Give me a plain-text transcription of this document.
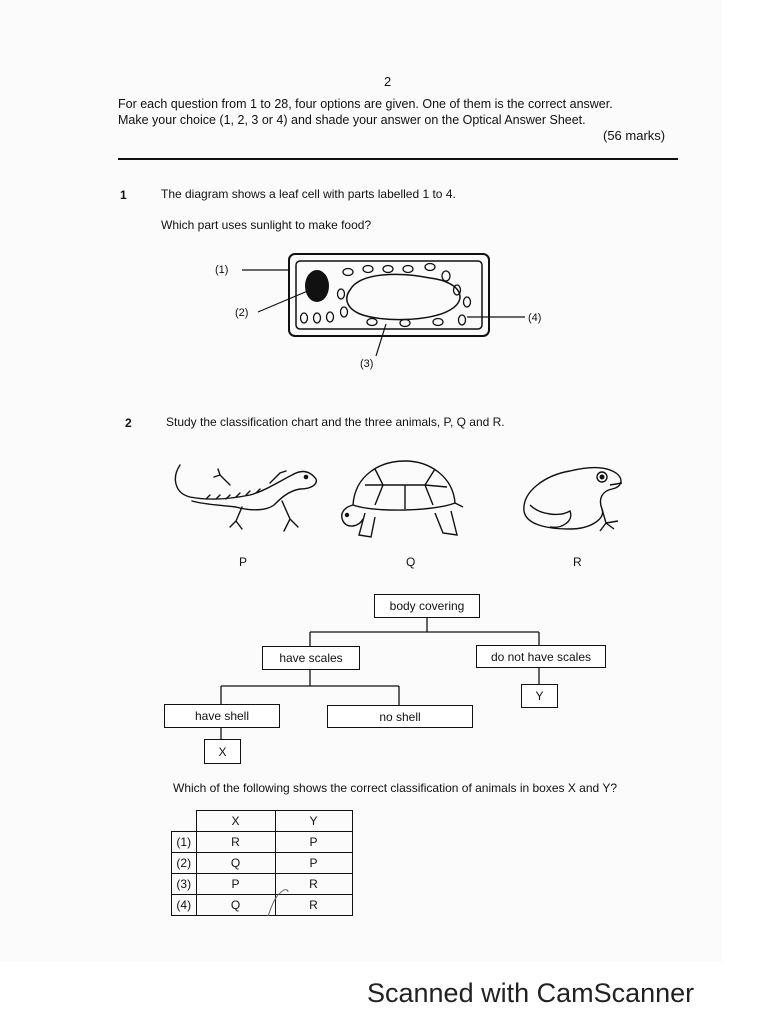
2
For each question from 1 to 28, four options are given. One of them is the correct answer.
Make your choice (1, 2, 3 or 4) and shade your answer on the Optical Answer Sheet.
(56 marks)
1	The diagram shows a leaf cell with parts labelled 1 to 4.
Which part uses sunlight to make food?
(1)
(2)
(3)
(4)
2	Study the classification chart and the three animals, P, Q and R.
P	Q	R
body covering
have scales	do not have scales
have shell	no shell
X
Y
Which of the following shows the correct classification of animals in boxes X and Y?
	X	Y
(1)	R	P
(2)	Q	P
(3)	P	R
(4)	Q	R
Scanned with CamScanner
